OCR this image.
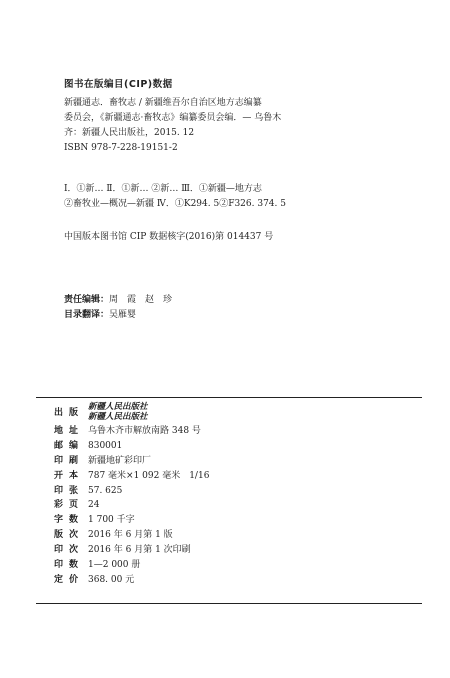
图书在版编目(CIP)数据
新疆通志．畜牧志 / 新疆维吾尔自治区地方志编纂
委员会，《新疆通志·畜牧志》编纂委员会编．— 乌鲁木
齐：新疆人民出版社，2015. 12
ISBN 978-7-228-19151-2
Ⅰ．①新… Ⅱ．①新… ②新… Ⅲ．①新疆—地方志
②畜牧业—概况—新疆 Ⅳ．①K294. 5②F326. 374. 5
中国版本图书馆 CIP 数据核字(2016)第 014437 号
责任编辑： 周　霞　赵　珍
目录翻译： 吴雁婴
出版
新疆人民出版社
新疆人民出版社
地址 乌鲁木齐市解放南路 348 号
邮编 830001
印刷 新疆地矿彩印厂
开本 787 毫米×1 092 毫米　1/16
印张 57. 625
彩页 24
字数 1 700 千字
版次 2016 年 6 月第 1 版
印次 2016 年 6 月第 1 次印刷
印数 1—2 000 册
定价 368. 00 元
